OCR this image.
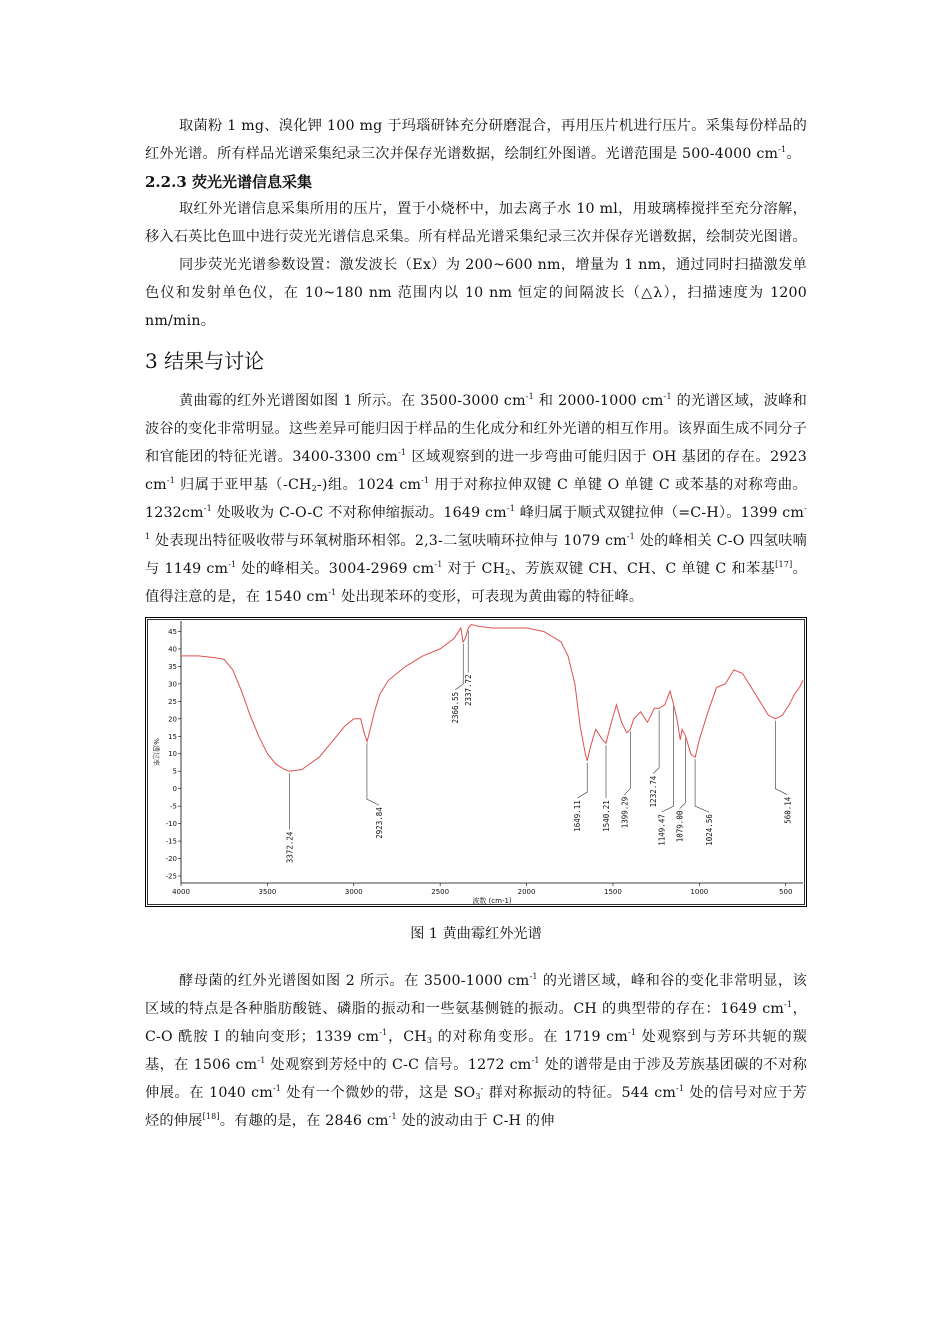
取菌粉 1 mg、溴化钾 100 mg 于玛瑙研钵充分研磨混合，再用压片机进行压片。采集每份样品的红外光谱。所有样品光谱采集纪录三次并保存光谱数据，绘制红外图谱。光谱范围是 500-4000 $cm^{-1}$。

2.2.3 荧光光谱信息采集

取红外光谱信息采集所用的压片，置于小烧杯中，加去离子水 10 ml，用玻璃棒搅拌至充分溶解，移入石英比色皿中进行荧光光谱信息采集。所有样品光谱采集纪录三次并保存光谱数据，绘制荧光图谱。

同步荧光光谱参数设置：激发波长（Ex）为 200~600 nm，增量为 1 nm，通过同时扫描激发单色仪和发射单色仪，在 10~180 nm 范围内以 10 nm 恒定的间隔波长（△λ），扫描速度为 1200 nm/min。

3 结果与讨论

黄曲霉的红外光谱图如图 1 所示。在 3500-3000 $cm^{-1}$ 和 2000-1000 $cm^{-1}$ 的光谱区域，波峰和波谷的变化非常明显。这些差异可能归因于样品的生化成分和红外光谱的相互作用。该界面生成不同分子和官能团的特征光谱。3400-3300 $cm^{-1}$ 区域观察到的进一步弯曲可能归因于 OH 基团的存在。2923 $cm^{-1}$ 归属于亚甲基$(-CH_2-)$组。1024 $cm^{-1}$ 用于对称拉伸双键 C 单键 O 单键 C 或苯基的对称弯曲。$1232cm^{-1}$ 处吸收为 C-O-C 不对称伸缩振动。1649 $cm^{-1}$ 峰归属于顺式双键拉伸（=C-H）。1399 $cm^{-1}$ 处表现出特征吸收带与环氧树脂环相邻。2,3-二氢呋喃环拉伸与 1079 $cm^{-1}$ 处的峰相关 C-O 四氢呋喃与 1149 $cm^{-1}$ 处的峰相关。3004-2969 $cm^{-1}$ 对于 $CH_2$、芳族双键 CH、CH、C 单键 C 和苯基[17]。值得注意的是，在 1540 $cm^{-1}$ 处出现苯环的变形，可表现为黄曲霉的特征峰。

45
40
35
30
25
20
15
10
5
0
-5
-10
-15
-20
-25
4000	3500	3000	2500	2000	1500	1000	500
波数 (cm-1)
%透过率
3372.24
2923.84
2366.55
2337.72
1649.11	1540.21 1399.29
1232.74
1149.47 1079.00	1024.56
560.14
图 1 黄曲霉红外光谱

酵母菌的红外光谱图如图 2 所示。在 3500-1000 $cm^{-1}$ 的光谱区域，峰和谷的变化非常明显，该区域的特点是各种脂肪酸链、磷脂的振动和一些氨基侧链的振动。CH 的典型带的存在：1649 $cm^{-1}$，C-O 酰胺 I 的轴向变形；1339 $cm^{-1}$，$CH_3$ 的对称角变形。在 1719 $cm^{-1}$ 处观察到与芳环共轭的羰基，在 1506 $cm^{-1}$ 处观察到芳烃中的 C-C 信号。1272 $cm^{-1}$ 处的谱带是由于涉及芳族基团碳的不对称伸展。在 1040 $cm^{-1}$ 处有一个微妙的带，这是 $SO_3^-$ 群对称振动的特征。544 $cm^{-1}$ 处的信号对应于芳烃的伸展[18]。有趣的是，在 2846 $cm^{-1}$ 处的波动由于 C-H 的伸
